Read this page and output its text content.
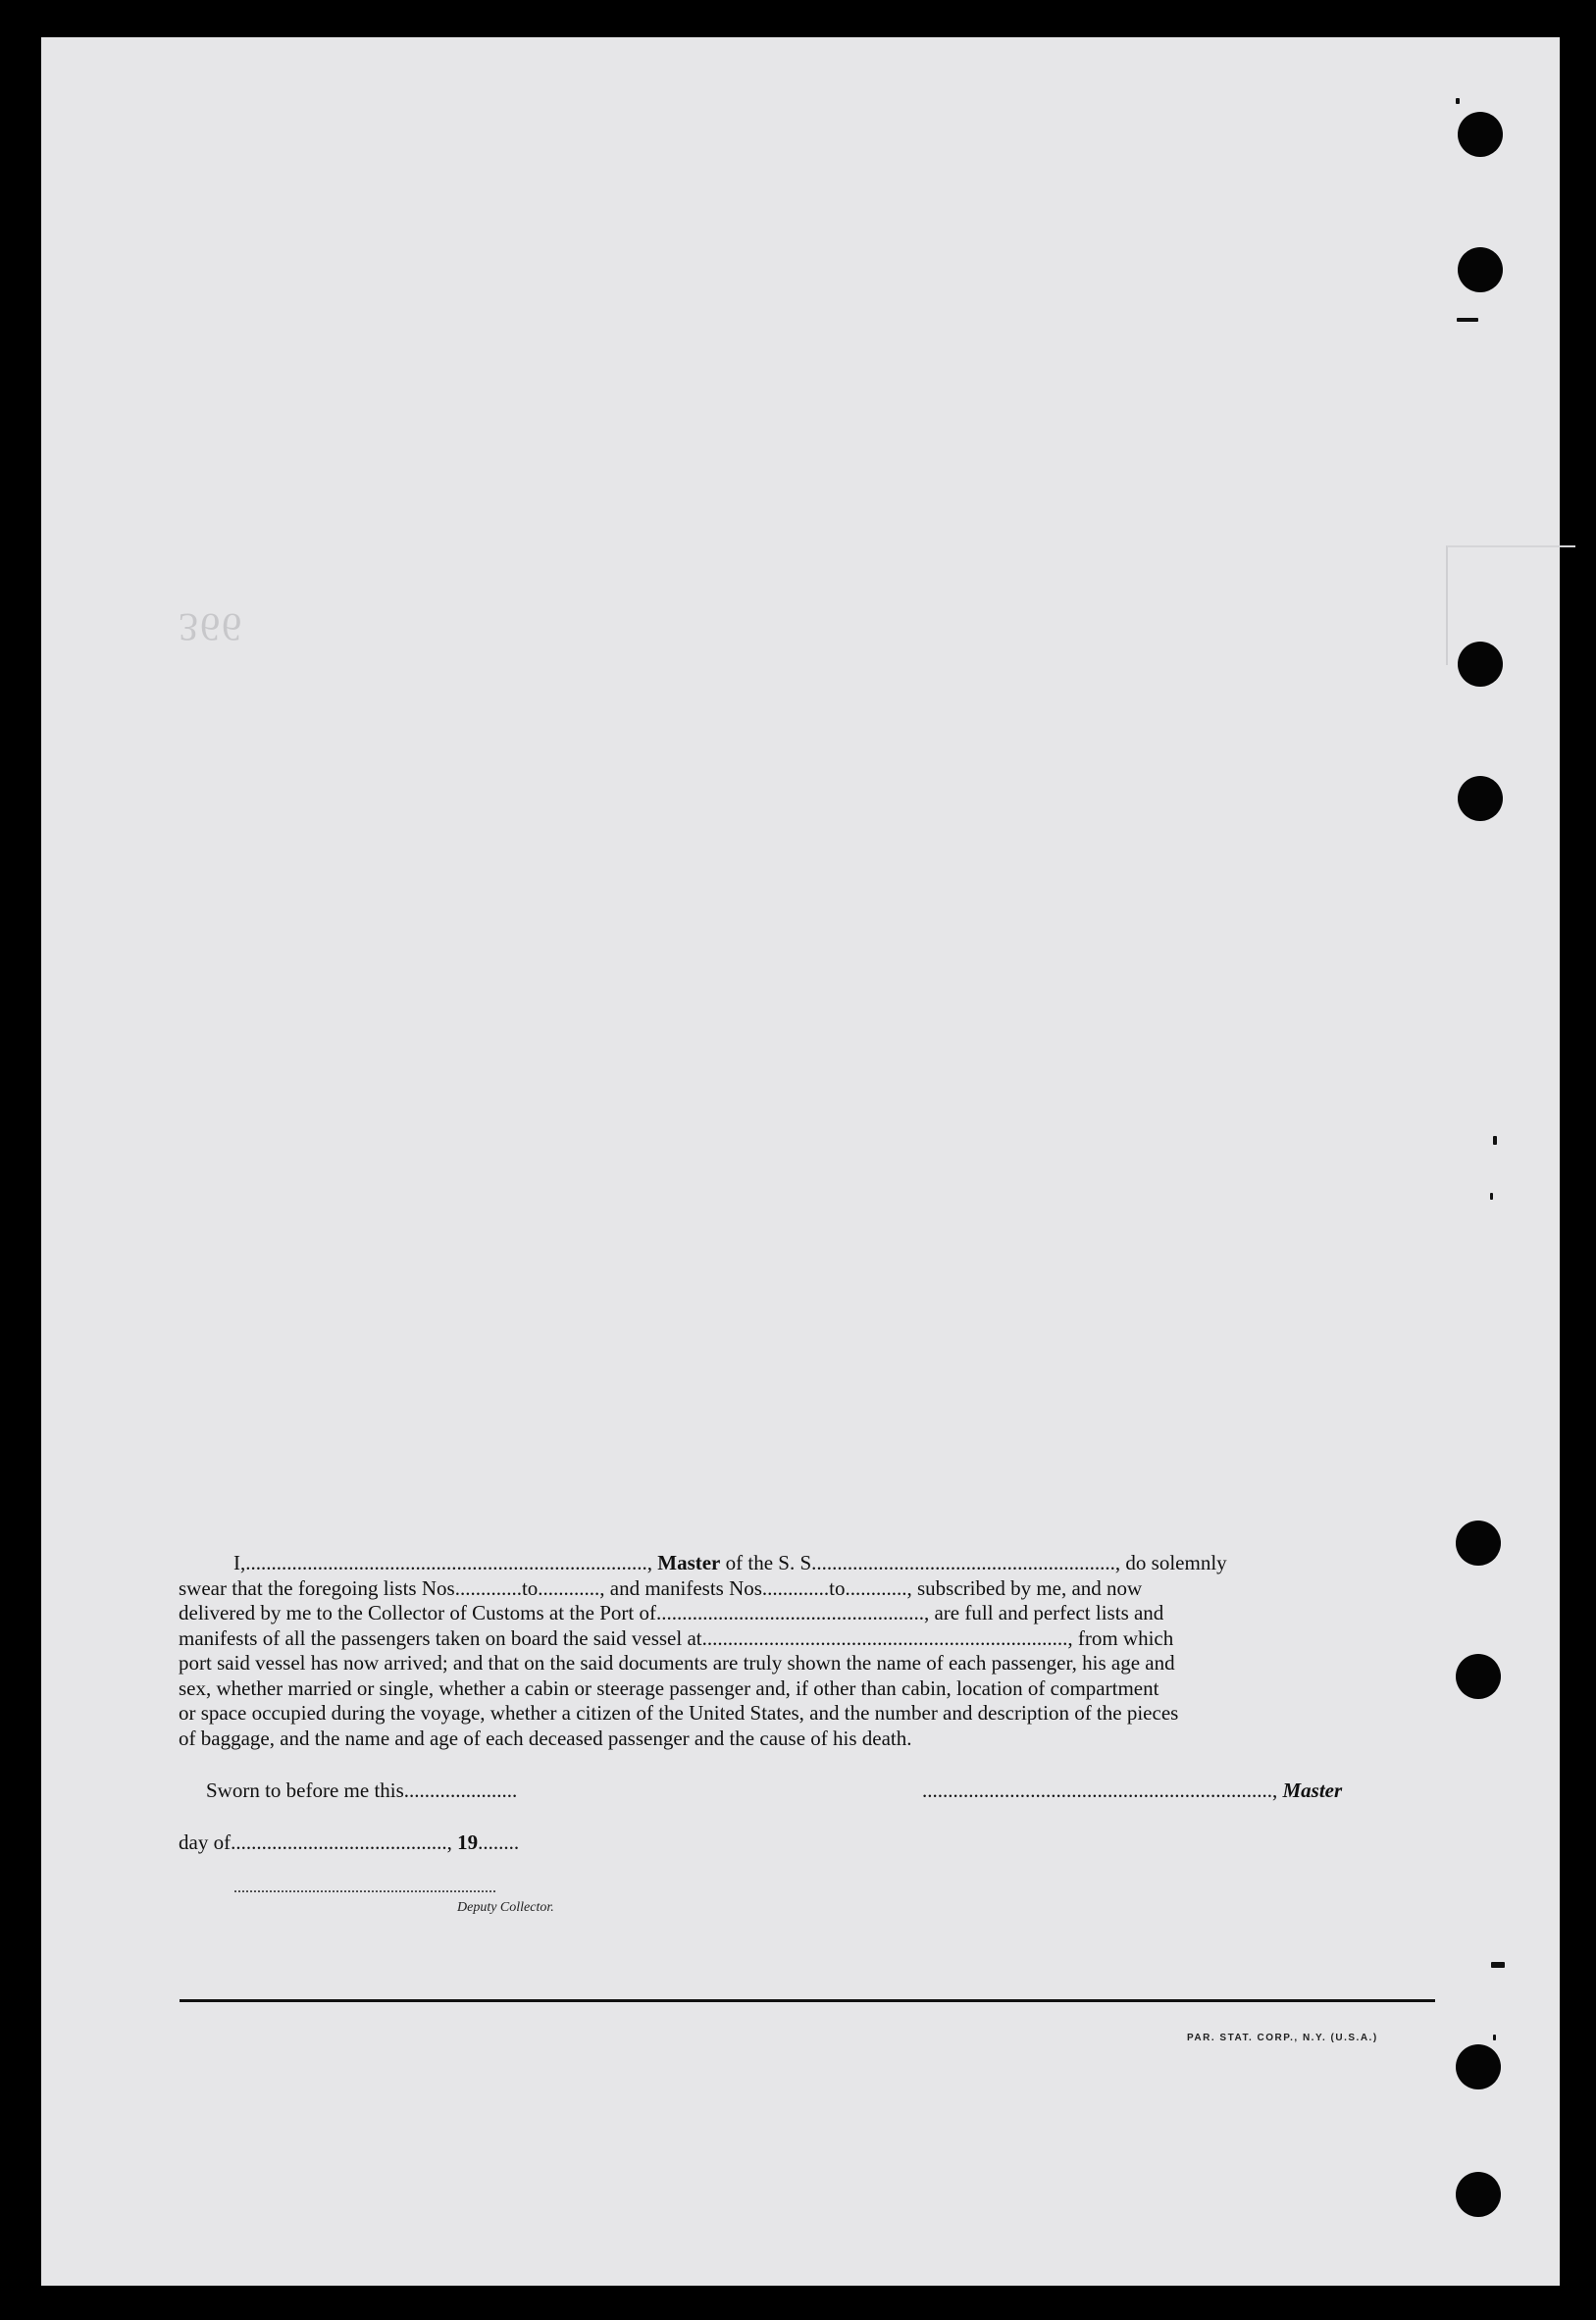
366
I,.............................................................................., Master of the S. S..........................................................., do solemnly
swear that the foregoing lists Nos.............to............, and manifests Nos.............to............, subscribed by me, and now
delivered by me to the Collector of Customs at the Port of...................................................., are full and perfect lists and
manifests of all the passengers taken on board the said vessel at......................................................................., from which
port said vessel has now arrived; and that on the said documents are truly shown the name of each passenger, his age and
sex, whether married or single, whether a cabin or steerage passenger and, if other than cabin, location of compartment
or space occupied during the voyage, whether a citizen of the United States, and the number and description of the pieces
of baggage, and the name and age of each deceased passenger and the cause of his death.
Sworn to before me this......................	...................................................................., Master
day of.........................................., 19........
...................................................................
Deputy Collector.
PAR. STAT. CORP., N.Y. (U.S.A.)
